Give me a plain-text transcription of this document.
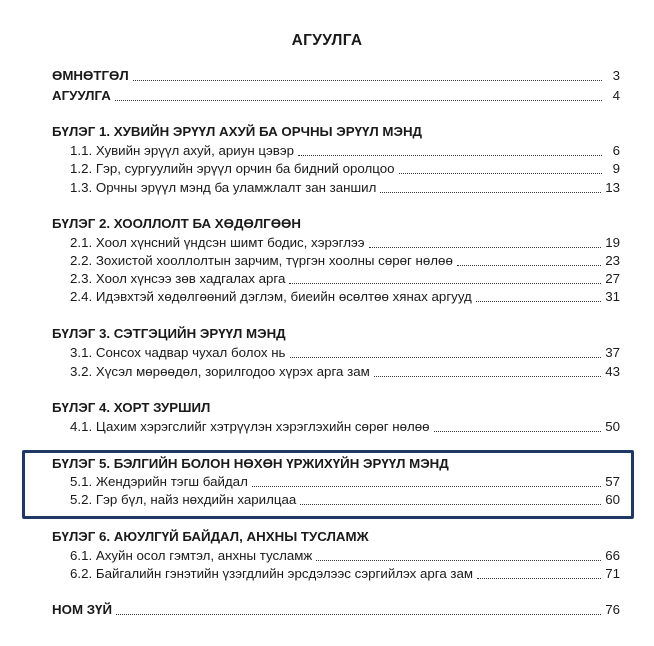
АГУУЛГА
ӨМНӨТГӨЛ	3
АГУУЛГА	4
БҮЛЭГ 1. ХУВИЙН ЭРҮҮЛ АХУЙ БА ОРЧНЫ ЭРҮҮЛ МЭНД
1.1. Хувийн эрүүл ахуй, ариун цэвэр	6
1.2. Гэр, сургуулийн эрүүл орчин ба бидний оролцоо	9
1.3. Орчны эрүүл мэнд ба уламжлалт зан заншил	13
БҮЛЭГ 2. ХООЛЛОЛТ БА ХӨДӨЛГӨӨН
2.1. Хоол хүнсний үндсэн шимт бодис, хэрэглээ	19
2.2. Зохистой хооллолтын зарчим, түргэн хоолны сөрөг нөлөө	23
2.3. Хоол хүнсээ зөв хадгалах арга	27
2.4. Идэвхтэй хөдөлгөөний дэглэм, биеийн өсөлтөө хянах аргууд	31
БҮЛЭГ 3. СЭТГЭЦИЙН ЭРҮҮЛ МЭНД
3.1. Сонсох чадвар чухал болох нь	37
3.2. Хүсэл мөрөөдөл, зорилгодоо хүрэх арга зам	43
БҮЛЭГ 4. ХОРТ ЗУРШИЛ
4.1. Цахим хэрэгслийг хэтрүүлэн хэрэглэхийн сөрөг нөлөө	50
БҮЛЭГ 5. БЭЛГИЙН БОЛОН НӨХӨН ҮРЖИХҮЙН ЭРҮҮЛ МЭНД
5.1. Жендэрийн тэгш байдал	57
5.2. Гэр бүл, найз нөхдийн харилцаа	60
БҮЛЭГ 6. АЮУЛГҮЙ БАЙДАЛ, АНХНЫ ТУСЛАМЖ
6.1. Ахуйн осол гэмтэл, анхны тусламж	66
6.2. Байгалийн гэнэтийн үзэгдлийн эрсдэлээс сэргийлэх арга зам	71
НОМ ЗҮЙ	76
